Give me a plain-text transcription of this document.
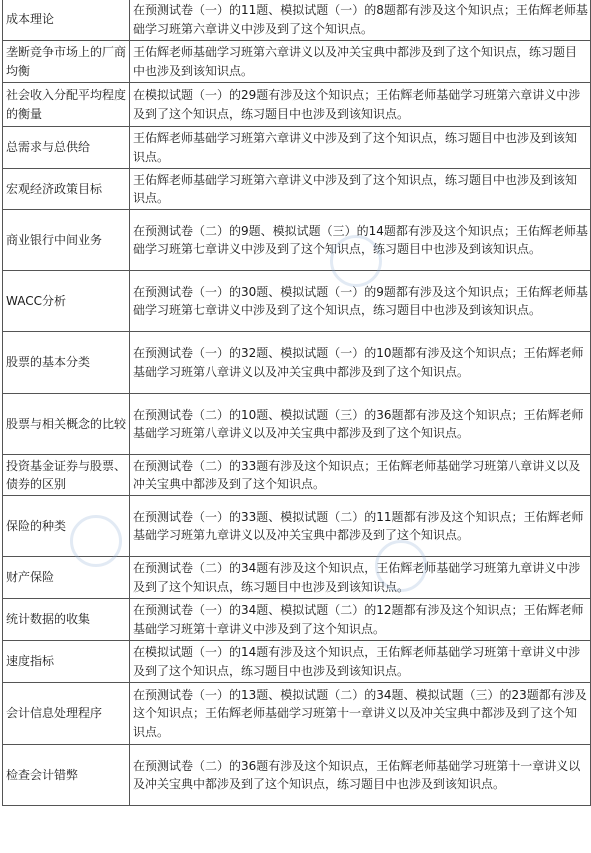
成本理论	在预测试卷（一）的11题、模拟试题（一）的8题都有涉及这个知识点；王佑辉老师基础学习班第六章讲义中涉及到了这个知识点。
垄断竞争市场上的厂商均衡	王佑辉老师基础学习班第六章讲义以及冲关宝典中都涉及到了这个知识点，练习题目中也涉及到该知识点。
社会收入分配平均程度的衡量	在模拟试题（一）的29题有涉及这个知识点；王佑辉老师基础学习班第六章讲义中涉及到了这个知识点，练习题目中也涉及到该知识点。
总需求与总供给	王佑辉老师基础学习班第六章讲义中涉及到了这个知识点，练习题目中也涉及到该知识点。
宏观经济政策目标	王佑辉老师基础学习班第六章讲义中涉及到了这个知识点，练习题目中也涉及到该知识点。
商业银行中间业务	在预测试卷（二）的9题、模拟试题（三）的14题都有涉及这个知识点；王佑辉老师基础学习班第七章讲义中涉及到了这个知识点，练习题目中也涉及到该知识点。
WACC分析	在预测试卷（一）的30题、模拟试题（一）的9题都有涉及这个知识点；王佑辉老师基础学习班第七章讲义中涉及到了这个知识点，练习题目中也涉及到该知识点。
股票的基本分类	在预测试卷（一）的32题、模拟试题（一）的10题都有涉及这个知识点；王佑辉老师基础学习班第八章讲义以及冲关宝典中都涉及到了这个知识点。
股票与相关概念的比较	在预测试卷（二）的10题、模拟试题（三）的36题都有涉及这个知识点；王佑辉老师基础学习班第八章讲义以及冲关宝典中都涉及到了这个知识点。
投资基金证券与股票、债券的区别	在预测试卷（二）的33题有涉及这个知识点；王佑辉老师基础学习班第八章讲义以及冲关宝典中都涉及到了这个知识点。
保险的种类	在预测试卷（一）的33题、模拟试题（二）的11题都有涉及这个知识点；王佑辉老师基础学习班第九章讲义以及冲关宝典中都涉及到了这个知识点。
财产保险	在预测试卷（二）的34题有涉及这个知识点，王佑辉老师基础学习班第九章讲义中涉及到了这个知识点，练习题目中也涉及到该知识点。
统计数据的收集	在预测试卷（一）的34题、模拟试题（二）的12题都有涉及这个知识点；王佑辉老师基础学习班第十章讲义中涉及到了这个知识点。
速度指标	在模拟试题（一）的14题有涉及这个知识点，王佑辉老师基础学习班第十章讲义中涉及到了这个知识点，练习题目中也涉及到该知识点。
会计信息处理程序	在预测试卷（一）的13题、模拟试题（二）的34题、模拟试题（三）的23题都有涉及这个知识点；王佑辉老师基础学习班第十一章讲义以及冲关宝典中都涉及到了这个知识点。
检查会计错弊	在预测试卷（二）的36题有涉及这个知识点，王佑辉老师基础学习班第十一章讲义以及冲关宝典中都涉及到了这个知识点，练习题目中也涉及到该知识点。
